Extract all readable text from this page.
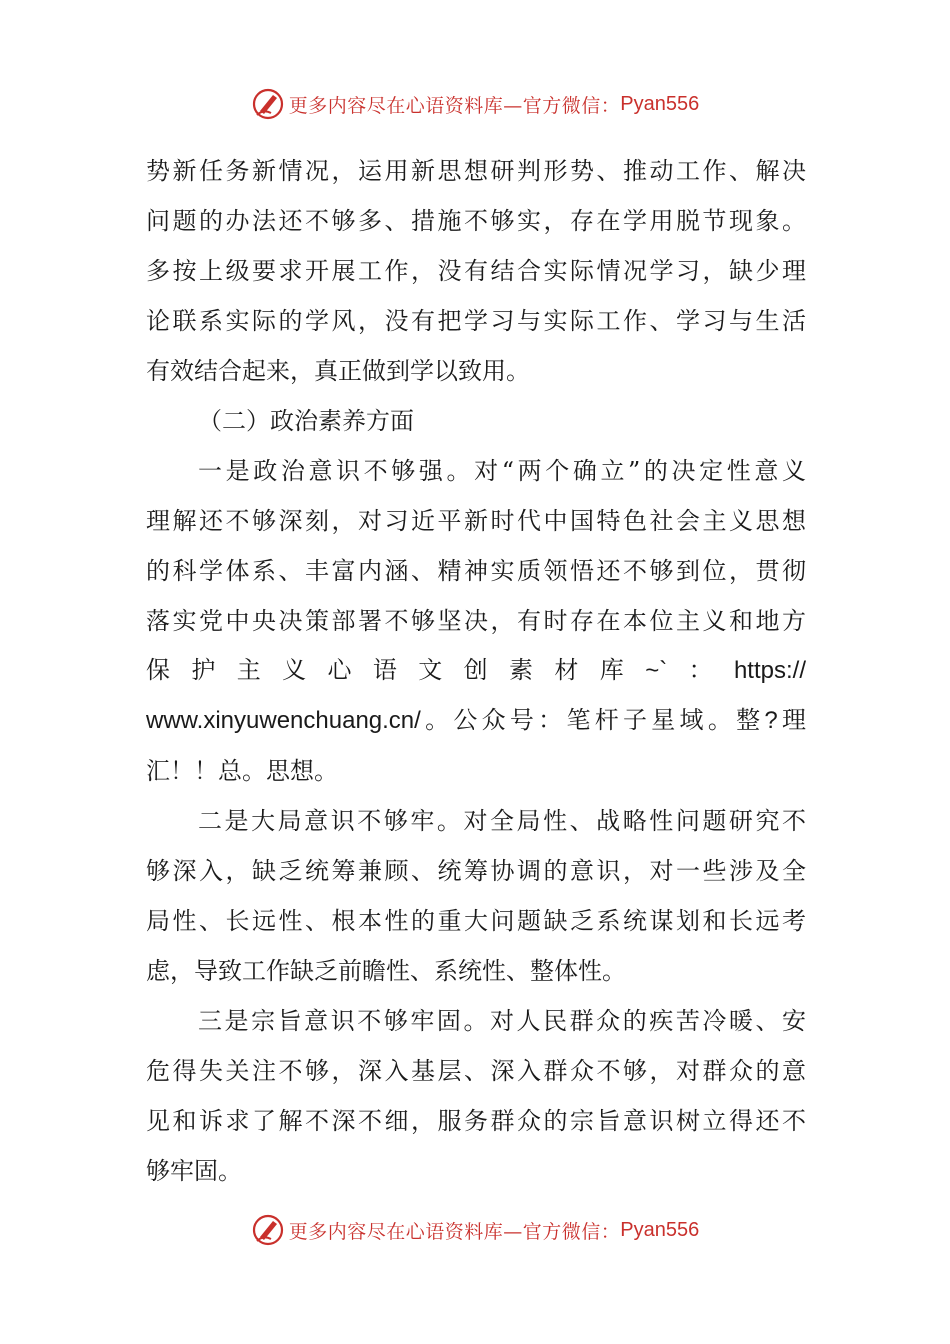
更多内容尽在心语资料库—官方微信： Pyan556
势新任务新情况，运用新思想研判形势、推动工作、解决
问题的办法还不够多、措施不够实，存在学用脱节现象。
多按上级要求开展工作，没有结合实际情况学习，缺少理
论联系实际的学风，没有把学习与实际工作、学习与生活
有效结合起来，真正做到学以致用。
（二）政治素养方面
一是政治意识不够强。对“两个确立”的决定性意义
理解还不够深刻，对习近平新时代中国特色社会主义思想
的科学体系、丰富内涵、精神实质领悟还不够到位，贯彻
落实党中央决策部署不够坚决，有时存在本位主义和地方
保护主义心语文创素材库~`：https://
www.xinyuwenchuang.cn/。公众号：笔杆子星域。整?理
汇！！总。思想。
二是大局意识不够牢。对全局性、战略性问题研究不
够深入，缺乏统筹兼顾、统筹协调的意识，对一些涉及全
局性、长远性、根本性的重大问题缺乏系统谋划和长远考
虑，导致工作缺乏前瞻性、系统性、整体性。
三是宗旨意识不够牢固。对人民群众的疾苦冷暖、安
危得失关注不够，深入基层、深入群众不够，对群众的意
见和诉求了解不深不细，服务群众的宗旨意识树立得还不
够牢固。
更多内容尽在心语资料库—官方微信： Pyan556
